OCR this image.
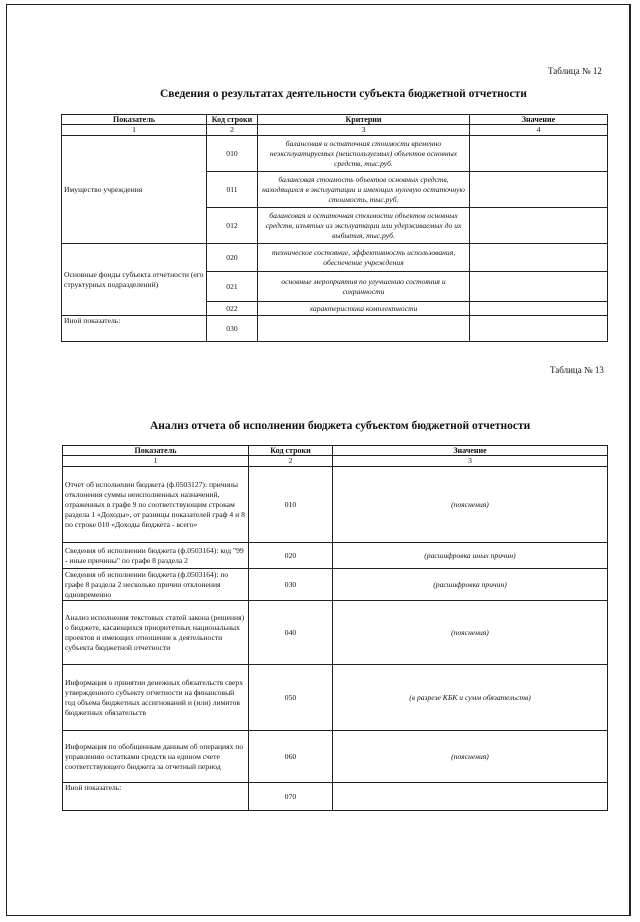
Таблица № 12
Сведения о результатах деятельности субъекта бюджетной отчетности
Показатель	Код строки	Критерии	Значение
1	2	3	4
Имущество учреждения	010	балансовая и остаточная стоимости временно неэксплуатируемых (неиспользуемых) объектов основных средств, тыс.руб.	
	011	балансовая стоимость объектов основных средств, находящихся в эксплуатации и имеющих нулевую остаточную стоимость, тыс.руб.	
	012	балансовая и остаточная стоимости объектов основных средств, изъятых из эксплуатации или удерживаемых до их выбытия, тыс.руб.	
Основные фонды субъекта отчетности (его структурных подразделений)	020	техническое состояние, эффективность использования, обеспечение учреждения	
	021	основные мероприятия по улучшению состояния и сохранности	
	022	характеристика комплектности	
Иной показатель:	030		
Таблица № 13
Анализ отчета об исполнении бюджета субъектом бюджетной отчетности
Показатель	Код строки	Значение
1	2	3
Отчет об исполнении бюджета (ф.0503127): причины отклонения суммы неисполненных назначений, отраженных в графе 9 по соответствующим строкам раздела 1 «Доходы», от разницы показателей граф 4 и 8 по строке 010 «Доходы бюджета - всего»	010	(пояснения)
Сведения об исполнении бюджета (ф.0503164): код "99 - иные причины" по графе 8 раздела 2	020	(расшифровка иных причин)
Сведения об исполнении бюджета (ф.0503164): по графе 8 раздела 2 несколько причин отклонения одновременно	030	(расшифровка причин)
Анализ исполнения текстовых статей закона (решения) о бюджете, касающихся приоритетных национальных проектов и имеющих отношение к деятельности субъекта бюджетной отчетности	040	(пояснения)
Информация о принятии денежных обязательств сверх утвержденного субъекту отчетности на финансовый год объема бюджетных ассигнований и (или) лимитов бюджетных обязательств	050	(в разрезе КБК и сумм обязательств)
Информация по обобщенным данным об операциях по управлению остатками средств на едином счете соответствующего бюджета за отчетный период	060	(пояснения)
Иной показатель:	070	
